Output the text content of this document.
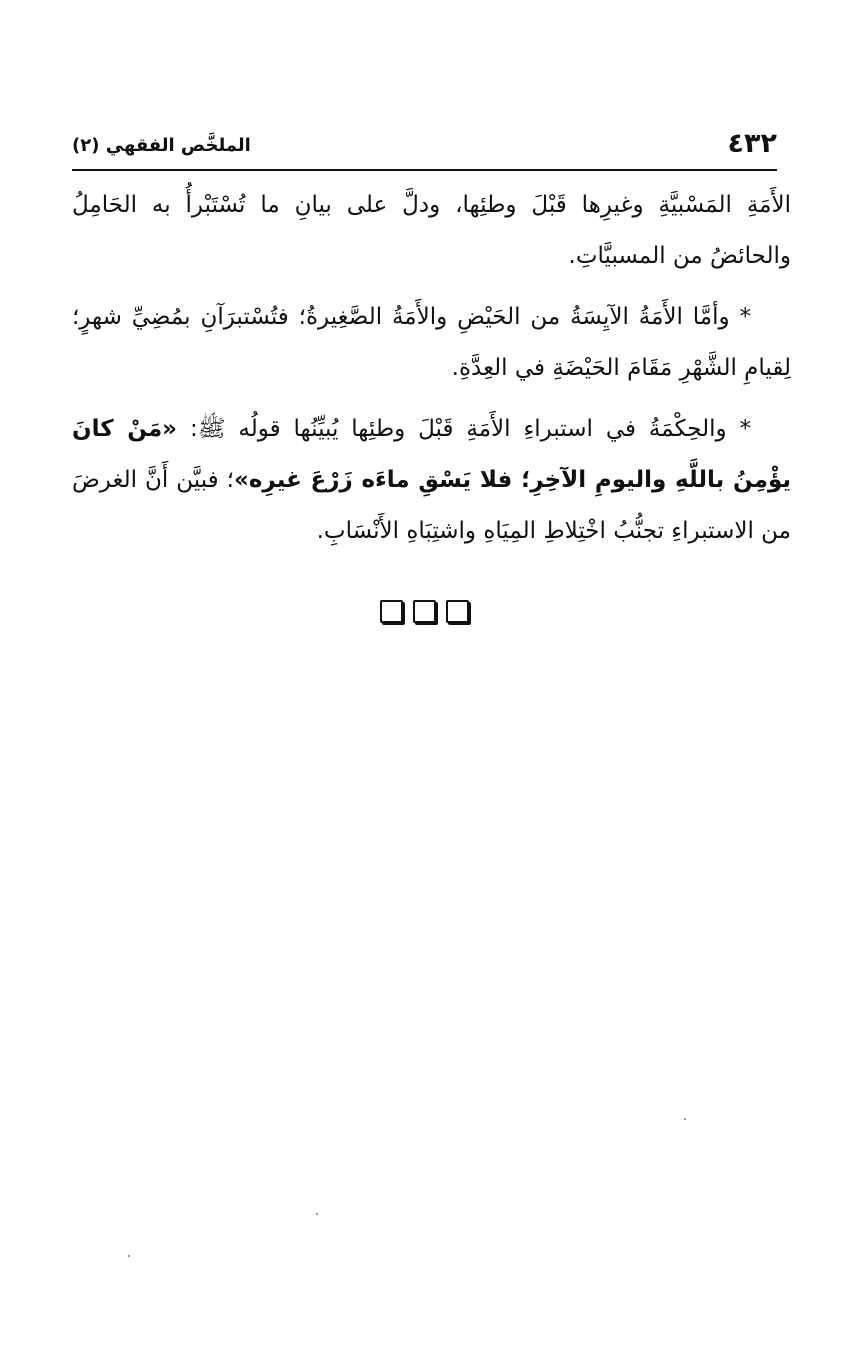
٤٣٢
الملخَّص الفقهي (٢)

الأَمَةِ المَسْبيَّةِ وغيرِها قَبْلَ وطئِها، ودلَّ على بيانِ ما تُسْتَبْرأُ به الحَامِلُ والحائضُ من المسبيَّاتِ.

* وأمَّا الأَمَةُ الآيِسَةُ من الحَيْضِ والأَمَةُ الصَّغِيرةُ؛ فتُسْتبرَآنِ بمُضِيِّ شهرٍ؛ لِقيامِ الشَّهْرِ مَقَامَ الحَيْضَةِ في العِدَّةِ.

* والحِكْمَةُ في استبراءِ الأَمَةِ قَبْلَ وطئِها يُبيِّنُها قولُه ﷺ: «مَنْ كانَ يؤْمِنُ باللَّهِ واليومِ الآخِرِ؛ فلا يَسْقِ ماءَه زَرْعَ غيرِه»؛ فبيَّن أَنَّ الغرضَ من الاستبراءِ تجنُّبُ اخْتِلاطِ المِيَاهِ واشتِبَاهِ الأَنْسَابِ.
